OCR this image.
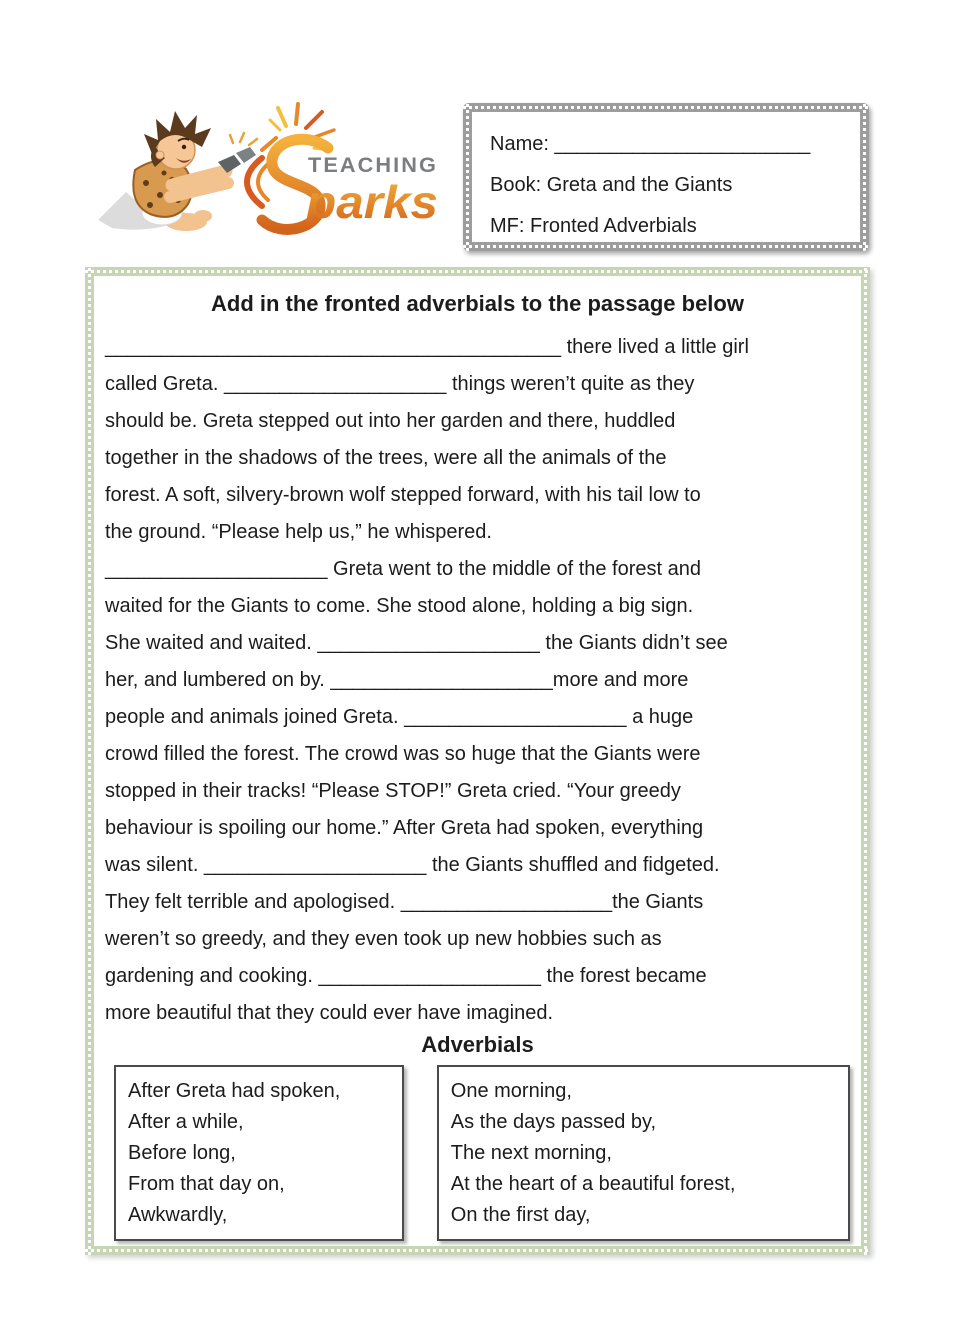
TEACHING
parks
Name: _______________________
Book: Greta and the Giants
MF: Fronted Adverbials
Add in the fronted adverbials to the passage below
_________________________________________ there lived a little girl
called Greta. ____________________ things weren’t quite as they
should be. Greta stepped out into her garden and there, huddled
together in the shadows of the trees, were all the animals of the
forest. A soft, silvery-brown wolf stepped forward, with his tail low to
the ground. “Please help us,” he whispered.
____________________ Greta went to the middle of the forest and
waited for the Giants to come. She stood alone, holding a big sign.
She waited and waited. ____________________ the Giants didn’t see
her, and lumbered on by. ____________________more and more
people and animals joined Greta. ____________________ a huge
crowd filled the forest. The crowd was so huge that the Giants were
stopped in their tracks! “Please STOP!” Greta cried. “Your greedy
behaviour is spoiling our home.” After Greta had spoken, everything
was silent. ____________________ the Giants shuffled and fidgeted.
They felt terrible and apologised. ___________________the Giants
weren’t so greedy, and they even took up new hobbies such as
gardening and cooking. ____________________ the forest became
more beautiful that they could ever have imagined.
Adverbials
After Greta had spoken,
After a while,
Before long,
From that day on,
Awkwardly,
One morning,
As the days passed by,
The next morning,
At the heart of a beautiful forest,
On the first day,
